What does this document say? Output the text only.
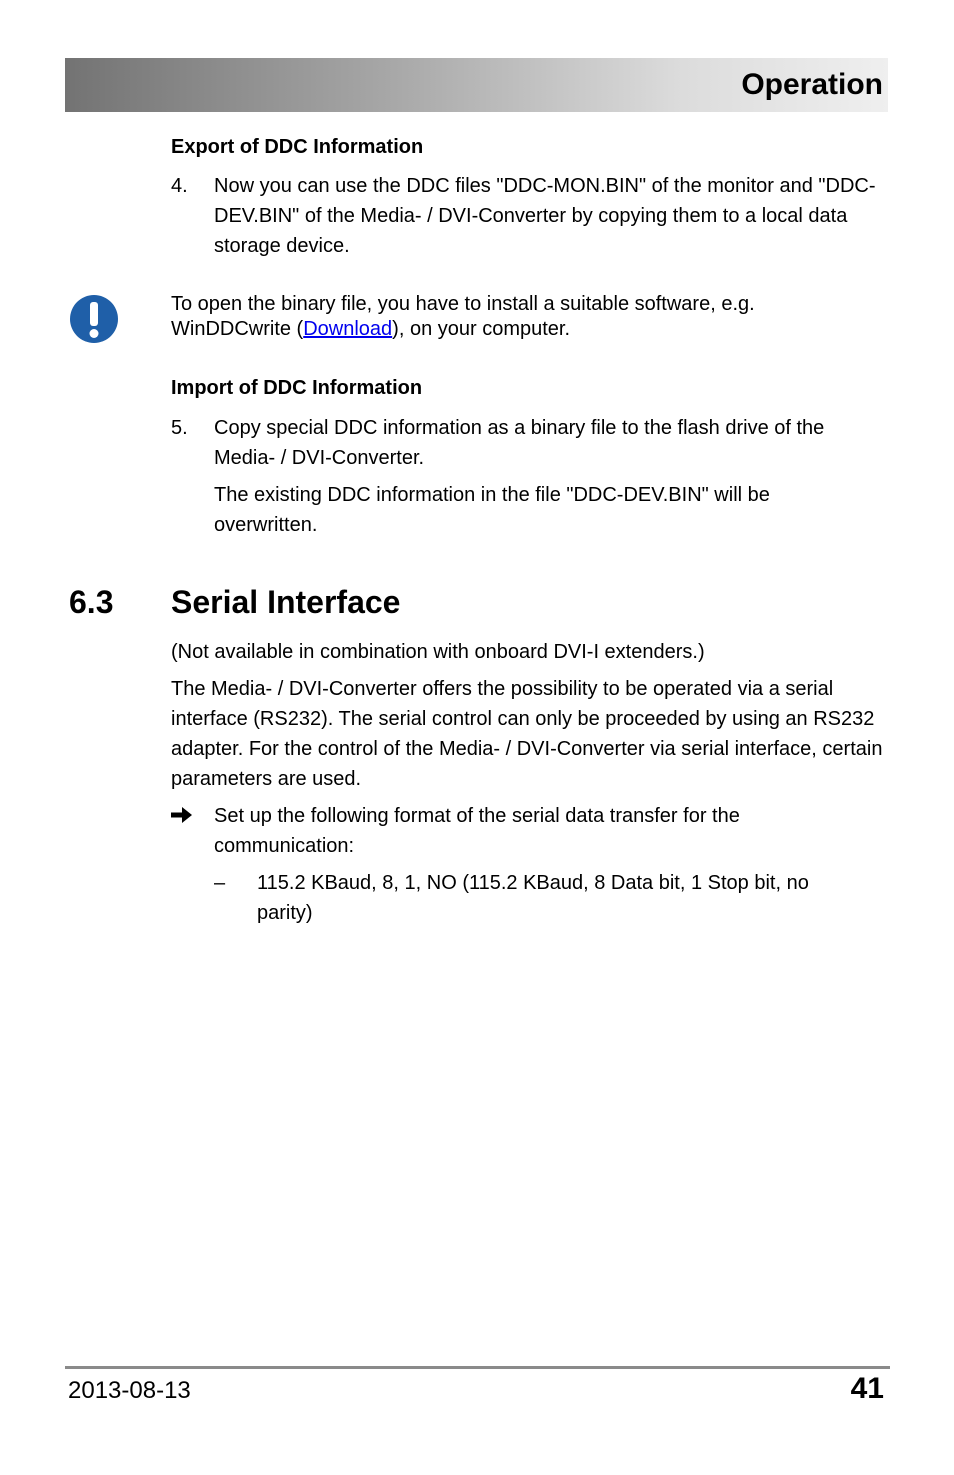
Operation
Export of DDC Information
4. Now you can use the DDC files "DDC-MON.BIN" of the monitor and "DDC-DEV.BIN" of the Media- / DVI-Converter by copying them to a local data storage device.
To open the binary file, you have to install a suitable software, e.g. WinDDCwrite (Download), on your computer.
Import of DDC Information
5. Copy special DDC information as a binary file to the flash drive of the Media- / DVI-Converter.
The existing DDC information in the file "DDC-DEV.BIN" will be overwritten.
6.3 Serial Interface
(Not available in combination with onboard DVI-I extenders.)
The Media- / DVI-Converter offers the possibility to be operated via a serial interface (RS232). The serial control can only be proceeded by using an RS232 adapter. For the control of the Media- / DVI-Converter via serial interface, certain parameters are used.
Set up the following format of the serial data transfer for the communication:
– 115.2 KBaud, 8, 1, NO (115.2 KBaud, 8 Data bit, 1 Stop bit, no parity)
2013-08-13	41
